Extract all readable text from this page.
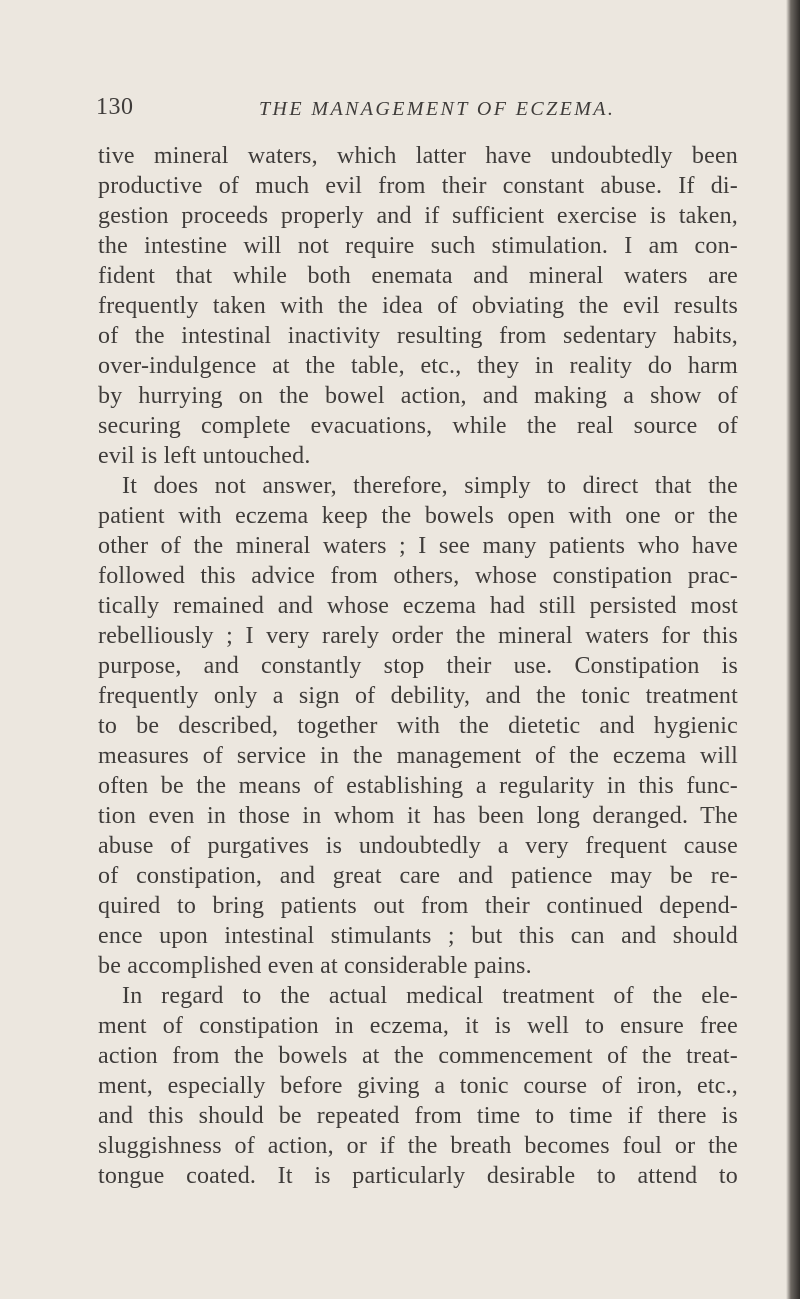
130	THE MANAGEMENT OF ECZEMA.
tive mineral waters, which latter have undoubtedly been
productive of much evil from their constant abuse. If di-
gestion proceeds properly and if sufficient exercise is taken,
the intestine will not require such stimulation. I am con-
fident that while both enemata and mineral waters are
frequently taken with the idea of obviating the evil results
of the intestinal inactivity resulting from sedentary habits,
over-indulgence at the table, etc., they in reality do harm
by hurrying on the bowel action, and making a show of
securing complete evacuations, while the real source of
evil is left untouched.
It does not answer, therefore, simply to direct that the
patient with eczema keep the bowels open with one or the
other of the mineral waters ; I see many patients who have
followed this advice from others, whose constipation prac-
tically remained and whose eczema had still persisted most
rebelliously ; I very rarely order the mineral waters for this
purpose, and constantly stop their use. Constipation is
frequently only a sign of debility, and the tonic treatment
to be described, together with the dietetic and hygienic
measures of service in the management of the eczema will
often be the means of establishing a regularity in this func-
tion even in those in whom it has been long deranged. The
abuse of purgatives is undoubtedly a very frequent cause
of constipation, and great care and patience may be re-
quired to bring patients out from their continued depend-
ence upon intestinal stimulants ; but this can and should
be accomplished even at considerable pains.
In regard to the actual medical treatment of the ele-
ment of constipation in eczema, it is well to ensure free
action from the bowels at the commencement of the treat-
ment, especially before giving a tonic course of iron, etc.,
and this should be repeated from time to time if there is
sluggishness of action, or if the breath becomes foul or the
tongue coated. It is particularly desirable to attend to
